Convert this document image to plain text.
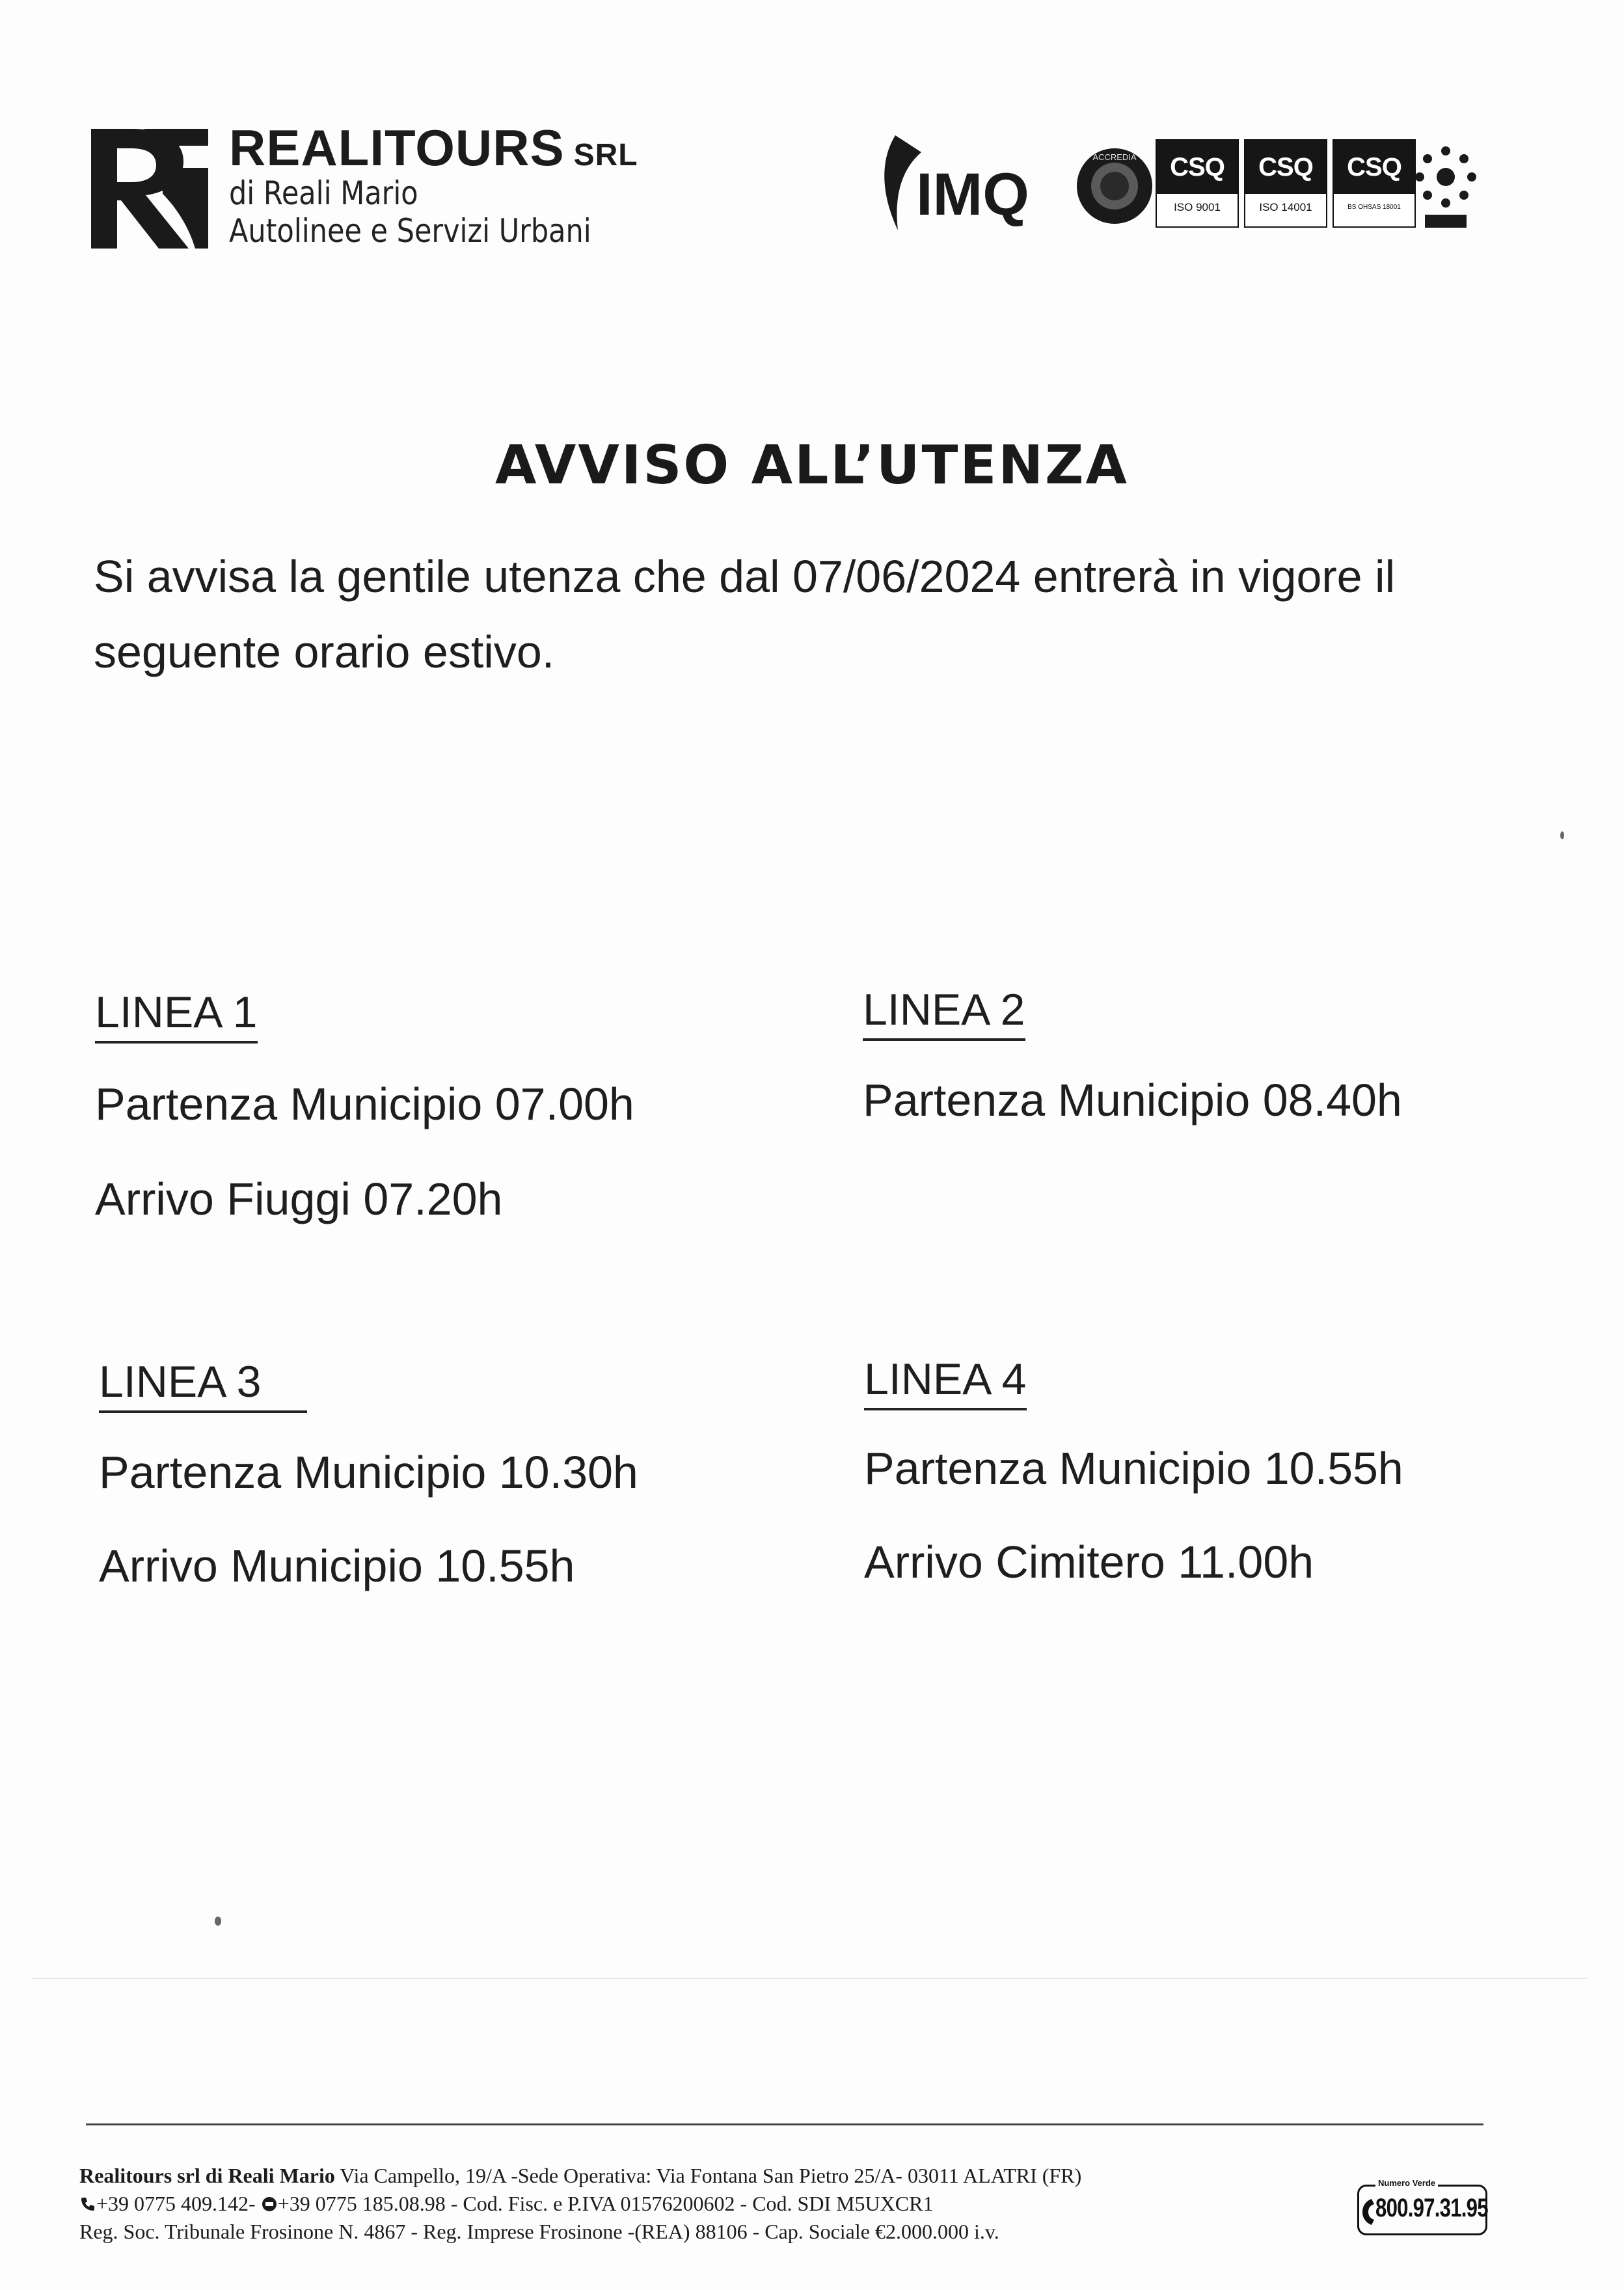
REALITOURS SRL
di Reali Mario
Autolinee e Servizi Urbani
IMQ
ACCREDIA	CSQ
ISO 9001
CSQ
ISO 14001
CSQ
BS OHSAS 18001
AVVISO ALL’UTENZA

Si avvisa la gentile utenza che dal 07/06/2024 entrerà in vigore il seguente orario estivo.

LINEA 1

Partenza Municipio 07.00h

Arrivo Fiuggi 07.20h

LINEA 2

Partenza Municipio 08.40h

LINEA 3

Partenza Municipio 10.30h

Arrivo Municipio 10.55h

LINEA 4

Partenza Municipio 10.55h

Arrivo Cimitero 11.00h

Realitours srl di Reali Mario Via Campello, 19/A -Sede Operativa: Via Fontana San Pietro 25/A- 03011 ALATRI (FR)

+39 0775 409.142- +39 0775 185.08.98 - Cod. Fisc. e P.IVA 01576200602 - Cod. SDI M5UXCR1

Reg. Soc. Tribunale Frosinone N. 4867 - Reg. Imprese Frosinone -(REA) 88106 - Cap. Sociale €2.000.000 i.v.

Numero Verde
800.97.31.95
